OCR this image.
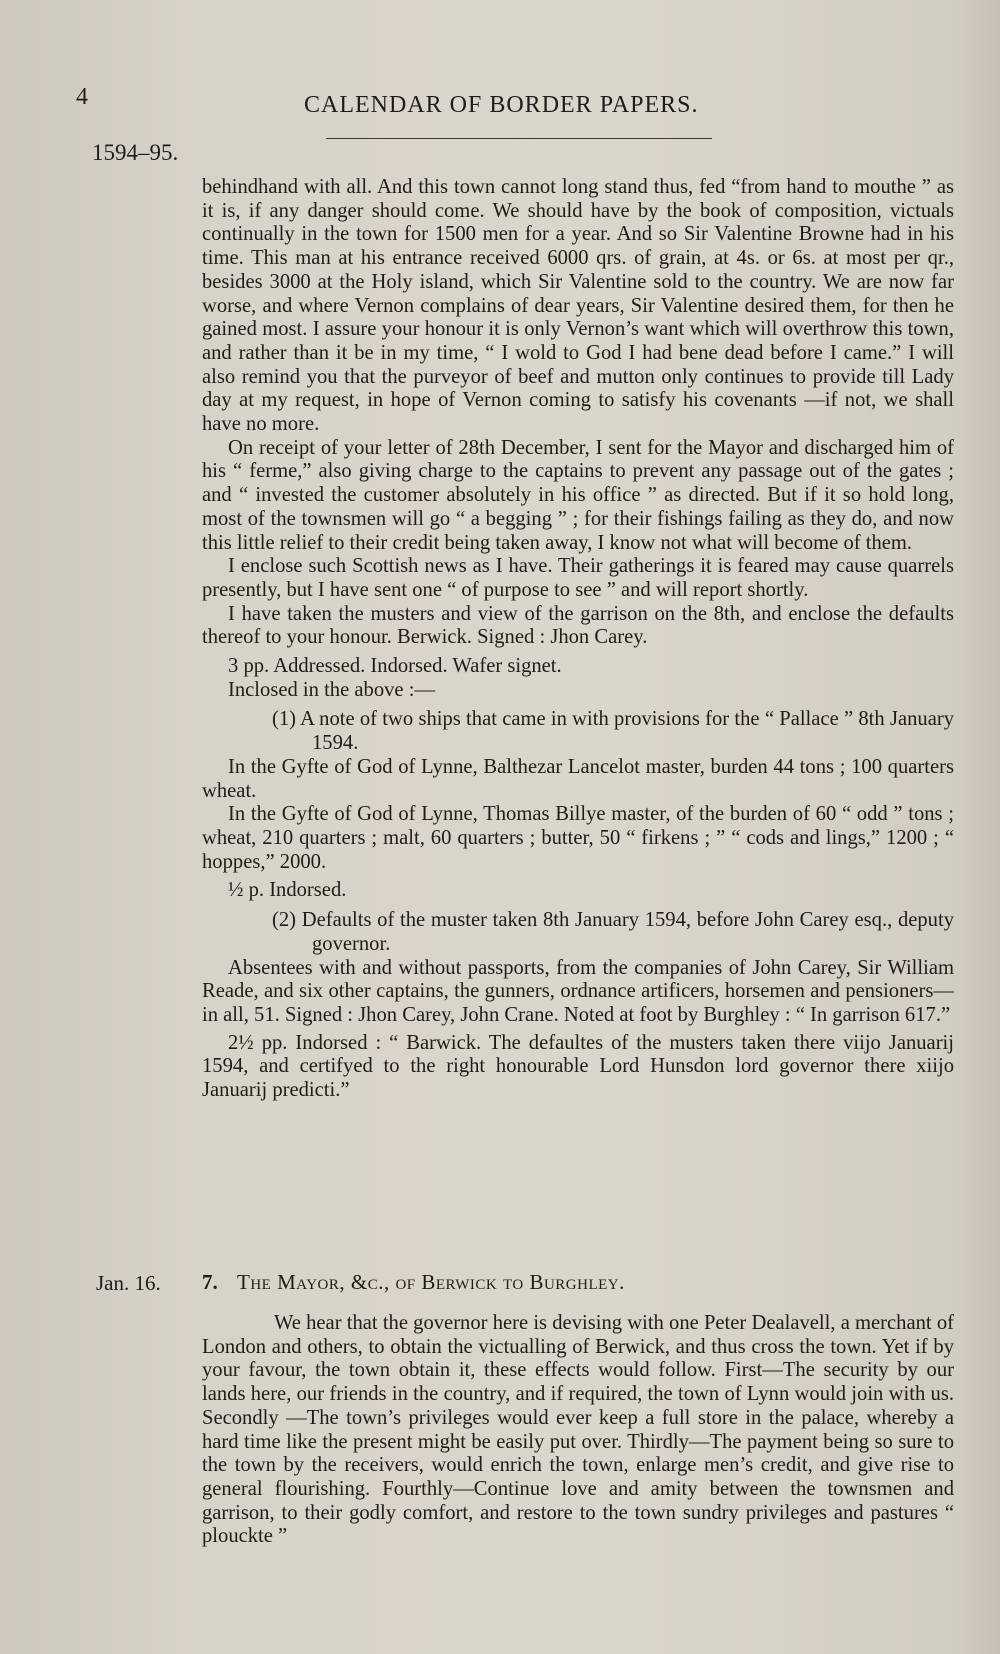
4	CALENDAR OF BORDER PAPERS.
1594–95.

behindhand with all. And this town cannot long stand thus, fed “from hand to mouthe ” as it is, if any danger should come. We should have by the book of composition, victuals continually in the town for 1500 men for a year. And so Sir Valentine Browne had in his time. This man at his entrance received 6000 qrs. of grain, at 4s. or 6s. at most per qr., besides 3000 at the Holy island, which Sir Valentine sold to the country. We are now far worse, and where Vernon complains of dear years, Sir Valentine desired them, for then he gained most. I assure your honour it is only Vernon’s want which will overthrow this town, and rather than it be in my time, “ I wold to God I had bene dead before I came.” I will also remind you that the purveyor of beef and mutton only continues to provide till Lady day at my request, in hope of Vernon coming to satisfy his covenants —if not, we shall have no more.

On receipt of your letter of 28th December, I sent for the Mayor and discharged him of his “ ferme,” also giving charge to the captains to prevent any passage out of the gates ; and “ invested the customer absolutely in his office ” as directed. But if it so hold long, most of the townsmen will go “ a begging ” ; for their fishings failing as they do, and now this little relief to their credit being taken away, I know not what will become of them.

I enclose such Scottish news as I have. Their gatherings it is feared may cause quarrels presently, but I have sent one “ of purpose to see ” and will report shortly.

I have taken the musters and view of the garrison on the 8th, and enclose the defaults thereof to your honour. Berwick. Signed : Jhon Carey.

3 pp. Addressed. Indorsed. Wafer signet.

Inclosed in the above :—

(1) A note of two ships that came in with provisions for the “ Pallace ” 8th January 1594.

In the Gyfte of God of Lynne, Balthezar Lancelot master, burden 44 tons ; 100 quarters wheat.

In the Gyfte of God of Lynne, Thomas Billye master, of the burden of 60 “ odd ” tons ; wheat, 210 quarters ; malt, 60 quarters ; butter, 50 “ firkens ; ” “ cods and lings,” 1200 ; “ hoppes,” 2000.

½ p. Indorsed.

(2) Defaults of the muster taken 8th January 1594, before John Carey esq., deputy governor.

Absentees with and without passports, from the companies of John Carey, Sir William Reade, and six other captains, the gunners, ordnance artificers, horsemen and pensioners—in all, 51. Signed : Jhon Carey, John Crane. Noted at foot by Burghley : “ In garrison 617.”

2½ pp. Indorsed : “ Barwick. The defaultes of the musters taken there viijo Januarij 1594, and certifyed to the right honourable Lord Hunsdon lord governor there xiijo Januarij predicti.”

Jan. 16. 7. The Mayor, &c., of Berwick to Burghley.

We hear that the governor here is devising with one Peter Dealavell, a merchant of London and others, to obtain the victualling of Berwick, and thus cross the town. Yet if by your favour, the town obtain it, these effects would follow. First—The security by our lands here, our friends in the country, and if required, the town of Lynn would join with us. Secondly —The town’s privileges would ever keep a full store in the palace, whereby a hard time like the present might be easily put over. Thirdly—The payment being so sure to the town by the receivers, would enrich the town, enlarge men’s credit, and give rise to general flourishing. Fourthly—Continue love and amity between the townsmen and garrison, to their godly comfort, and restore to the town sundry privileges and pastures “ plouckte ”
